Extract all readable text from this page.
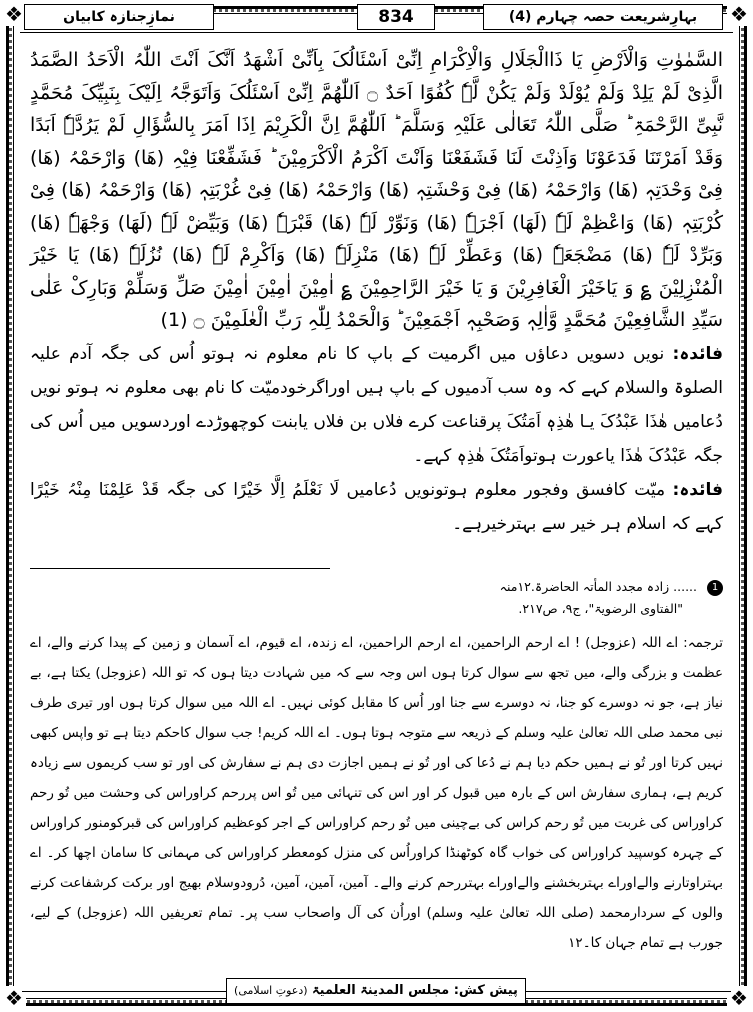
❖	❖
❖	❖
بہارِشریعت حصہ چہارم (4)
834
نمازِجنازہ کابیان

السَّمٰوٰتِ وَالْاَرْضِ یَا ذَاالْجَلَالِ وَالْاِکْرَامِ اِنِّیْ اَسْئَالُکَ بِاَنِّیْ اَشْھَدُ اَنَّکَ اَنْتَ اللّٰہُ الْاَحَدُ الصَّمَدُ الَّذِیْ لَمْ یَلِدْ وَلَمْ یُوْلَدْ وَلَمْ یَکُنْ لَّہٗ کُفُوًا اَحَدٌ ۝ اَللّٰھُمَّ اِنِّیْ اَسْئَلُکَ وَاَتَوَجَّہُ اِلَیْکَ بِنَبِیِّکَ مُحَمَّدٍ نَّبِیِّ الرَّحْمَۃِ ؕ صَلَّی اللّٰہُ تَعَالٰی عَلَیْہِ وَسَلَّمَ ؕ اَللّٰھُمَّ اِنَّ الْکَرِیْمَ اِذَا اَمَرَ بِالسُّؤَالِ لَمْ یَرُدَّہٗ اَبَدًا وَقَدْ اَمَرْتَنَا فَدَعَوْنَا وَاَذِنْتَ لَنَا فَشَفَعْنَا وَاَنْتَ اَکْرَمُ الْاَکْرَمِیْنَ ؕ فَشَفِّعْنَا فِیْہِ (ھَا) وَارْحَمْہُ (ھَا) فِیْ وَحْدَتِہٖ (ھَا) وَارْحَمْہُ (ھَا) فِیْ وَحْشَتِہٖ (ھَا) وَارْحَمْہُ (ھَا) فِیْ غُرْبَتِہٖ (ھَا) وَارْحَمْہُ (ھَا) فِیْ کُرْبَتِہٖ (ھَا) وَاعْظِمْ لَہٗ (لَھَا) اَجْرَہٗ (ھَا) وَنَوِّرْ لَہٗ (ھَا) قَبْرَہٗ (ھَا) وَبَیِّضْ لَہٗ (لَھَا) وَجْھَہٗ (ھَا) وَبَرِّدْ لَہٗ (ھَا) مَضْجَعَہٗ (ھَا) وَعَطِّرْ لَہٗ (ھَا) مَنْزِلَہٗ (ھَا) وَاَکْرِمْ لَہٗ (ھَا) نُزُلَہٗ (ھَا) یَا خَیْرَ الْمُنْزِلِیْنَ ؏ وَ یَاخَیْرَ الْغَافِرِیْنَ وَ یَا خَیْرَ الرَّاحِمِیْنَ ؏ اٰمِیْنَ اٰمِیْنَ اٰمِیْنَ صَلِّ وَسَلِّمْ وَبَارِکْ عَلٰی سَیِّدِ الشَّافِعِیْنَ مُحَمَّدٍ وَّاٰلِہٖ وَصَحْبِہٖ اَجْمَعِیْنَ ؕ وَالْحَمْدُ لِلّٰہِ رَبِّ الْعٰلَمِیْنَ ۝ (1)

فائدہ: نویں دسویں دعاؤں میں اگرمیت کے باپ کا نام معلوم نہ ہوتو اُس کی جگہ آدم علیہ الصلوۃ والسلام کہے کہ وہ سب آدمیوں کے باپ ہیں اوراگرخودمیّت کا نام بھی معلوم نہ ہوتو نویں دُعامیں ھٰذَا عَبْدُکَ یـا ھٰذِہٖ اَمَتُکَ پرقناعت کرے فلاں بن فلاں یابنت کوچھوڑدے اوردسویں میں اُس کی جگہ عَبْدُکَ ھٰذَا یاعورت ہوتواَمَتُکَ ھٰذِہٖ کہے۔

فائدہ: میّت کافسق وفجور معلوم ہوتونویں دُعامیں لَا نَعْلَمُ اِلَّا خَیْرًا کی جگہ قَدْ عَلِمْنَا مِنْہُ خَیْرًا کہے کہ اسلام ہر خیر سے بہترخیرہے۔

1 ...... زادہ مجدد المأتہ الحاضرۃ.١٢منہ
"الفتاوی الرضویۃ"، ج٩، ص٢١٧.
ترجمہ: اے اللہ (عزوجل) ! اے ارحم الراحمین، اے ارحم الراحمین، اے زندہ، اے قیوم، اے آسمان و زمین کے پیدا کرنے والے، اے عظمت و بزرگی والے، میں تجھ سے سوال کرتا ہوں اس وجہ سے کہ میں شہادت دیتا ہوں کہ تو اللہ (عزوجل) یکتا ہے، بے نیاز ہے، جو نہ دوسرے کو جنا، نہ دوسرے سے جنا اور اُس کا مقابل کوئی نہیں۔ اے اللہ میں سوال کرتا ہوں اور تیری طرف نبی محمد صلی اللہ تعالیٰ علیہ وسلم کے ذریعہ سے متوجہ ہوتا ہوں۔ اے اللہ کریم! جب سوال کاحکم دیتا ہے تو واپس کبھی نہیں کرتا اور تُو نے ہمیں حکم دیا ہم نے دُعا کی اور تُو نے ہمیں اجازت دی ہم نے سفارش کی اور تو سب کریموں سے زیادہ کریم ہے، ہماری سفارش اس کے بارہ میں قبول کر اور اس کی تنہائی میں تُو اس پررحم کراوراس کی وحشت میں تُو رحم کراوراس کی غربت میں تُو رحم کراس کی بےچینی میں تُو رحم کراوراس کے اجر کوعظیم کراوراس کی قبرکومنور کراوراس کے چہرہ کوسپید کراوراس کی خواب گاہ کوٹھنڈا کراوراُس کی منزل کومعطر کراوراس کی مہمانی کا سامان اچھا کر۔ اے بہتراوتارنے والےاوراے بہتربخشنے والےاوراے بہتررحم کرنے والے۔ آمین، آمین، آمین، دُرودوسلام بھیج اور برکت کرشفاعت کرنے والوں کے سردارمحمد (صلی اللہ تعالیٰ علیہ وسلم) اوراُن کی آل واصحاب سب پر۔ تمام تعریفیں اللہ (عزوجل) کے لیے، جورب ہے تمام جہان کا۔١٢
پیش کش: مجلس المدینۃ العلمیۃ (دعوتِ اسلامی)
